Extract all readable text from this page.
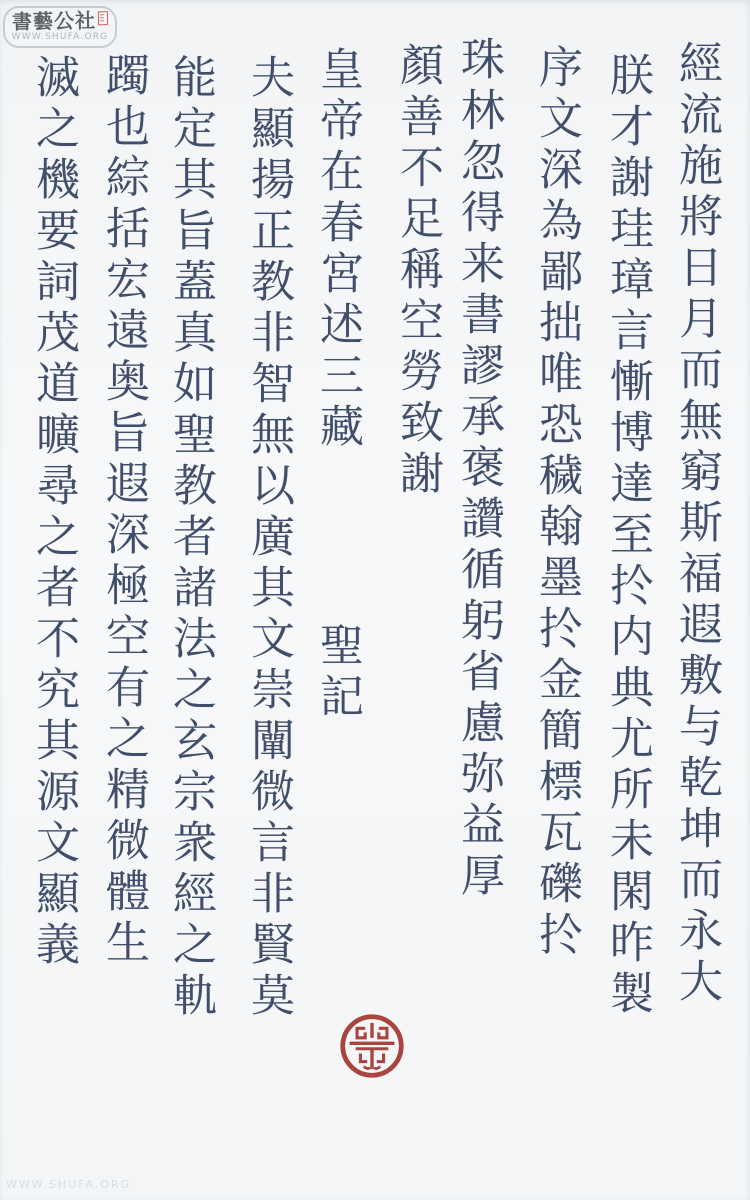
書藝公社
WWW.SHUFA.ORG
經流施將日月而無窮斯福遐敷与乾坤而永大
朕才謝珪璋言慚博達至扵内典尤所未閑昨製
序文深為鄙拙唯恐穢翰墨扵金簡標瓦礫扵
珠林忽得来書謬承褒讚循躬省慮弥益厚
顏善不足稱空勞致謝
皇帝在春宮述三藏聖記
夫顯揚正教非智無以廣其文崇闡微言非賢莫
能定其旨蓋真如聖教者諸法之玄宗衆經之軌
躅也綜括宏遠奥旨遐深極空有之精微體生
滅之機要詞茂道曠尋之者不究其源文顯義
WWW.SHUFA.ORG
